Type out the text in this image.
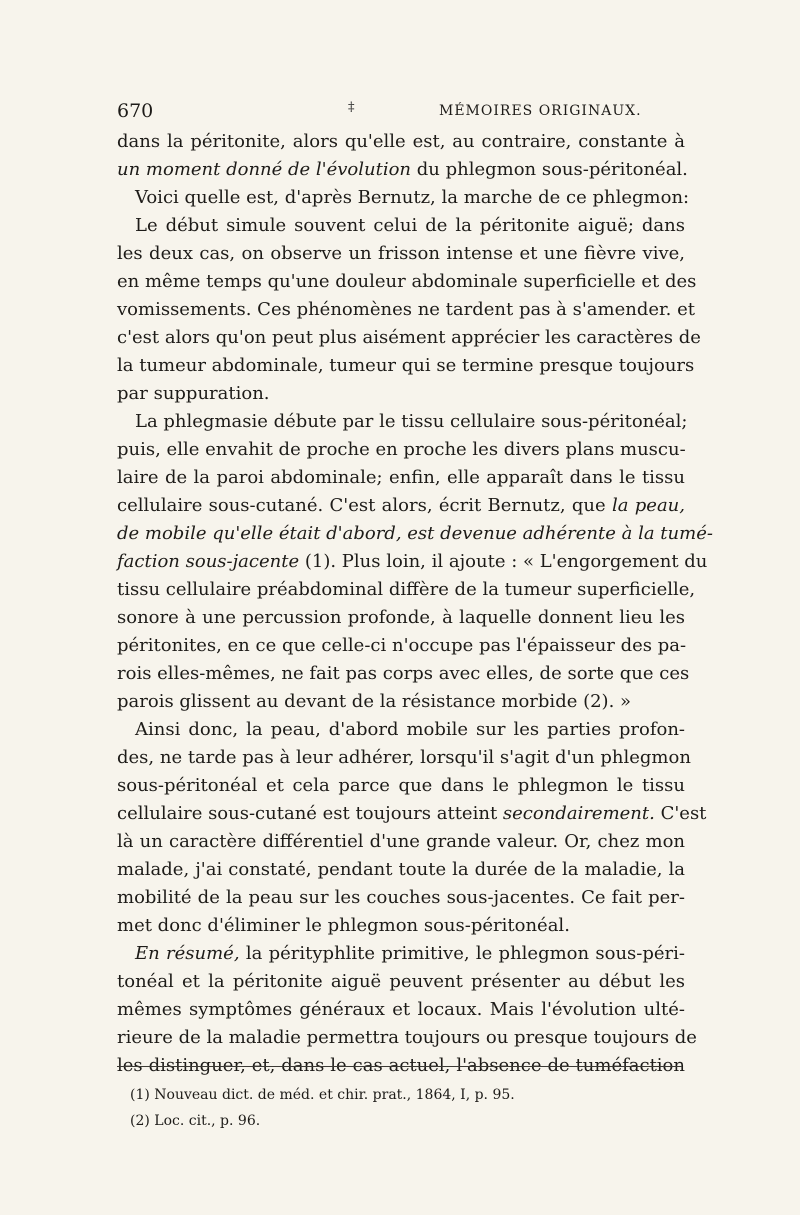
670	‡	MÉMOIRES ORIGINAUX.
dans la péritonite, alors qu'elle est, au contraire, constante à
un moment donné de l'évolution du phlegmon sous-péritonéal.
Voici quelle est, d'après Bernutz, la marche de ce phlegmon:
Le début simule souvent celui de la péritonite aiguë; dans
les deux cas, on observe un frisson intense et une fièvre vive,
en même temps qu'une douleur abdominale superficielle et des
vomissements. Ces phénomènes ne tardent pas à s'amender. et
c'est alors qu'on peut plus aisément apprécier les caractères de
la tumeur abdominale, tumeur qui se termine presque toujours
par suppuration.
La phlegmasie débute par le tissu cellulaire sous-péritonéal;
puis, elle envahit de proche en proche les divers plans muscu-
laire de la paroi abdominale; enfin, elle apparaît dans le tissu
cellulaire sous-cutané. C'est alors, écrit Bernutz, que la peau,
de mobile qu'elle était d'abord, est devenue adhérente à la tumé-
faction sous-jacente (1). Plus loin, il ajoute : « L'engorgement du
tissu cellulaire préabdominal diffère de la tumeur superficielle,
sonore à une percussion profonde, à laquelle donnent lieu les
péritonites, en ce que celle-ci n'occupe pas l'épaisseur des pa-
rois elles-mêmes, ne fait pas corps avec elles, de sorte que ces
parois glissent au devant de la résistance morbide (2). »
Ainsi donc, la peau, d'abord mobile sur les parties profon-
des, ne tarde pas à leur adhérer, lorsqu'il s'agit d'un phlegmon
sous-péritonéal et cela parce que dans le phlegmon le tissu
cellulaire sous-cutané est toujours atteint secondairement. C'est
là un caractère différentiel d'une grande valeur. Or, chez mon
malade, j'ai constaté, pendant toute la durée de la maladie, la
mobilité de la peau sur les couches sous-jacentes. Ce fait per-
met donc d'éliminer le phlegmon sous-péritonéal.
En résumé, la pérityphlite primitive, le phlegmon sous-péri-
tonéal et la péritonite aiguë peuvent présenter au début les
mêmes symptômes généraux et locaux. Mais l'évolution ulté-
rieure de la maladie permettra toujours ou presque toujours de
les distinguer, et, dans le cas actuel, l'absence de tuméfaction
(1) Nouveau dict. de méd. et chir. prat., 1864, I, p. 95.
(2) Loc. cit., p. 96.
